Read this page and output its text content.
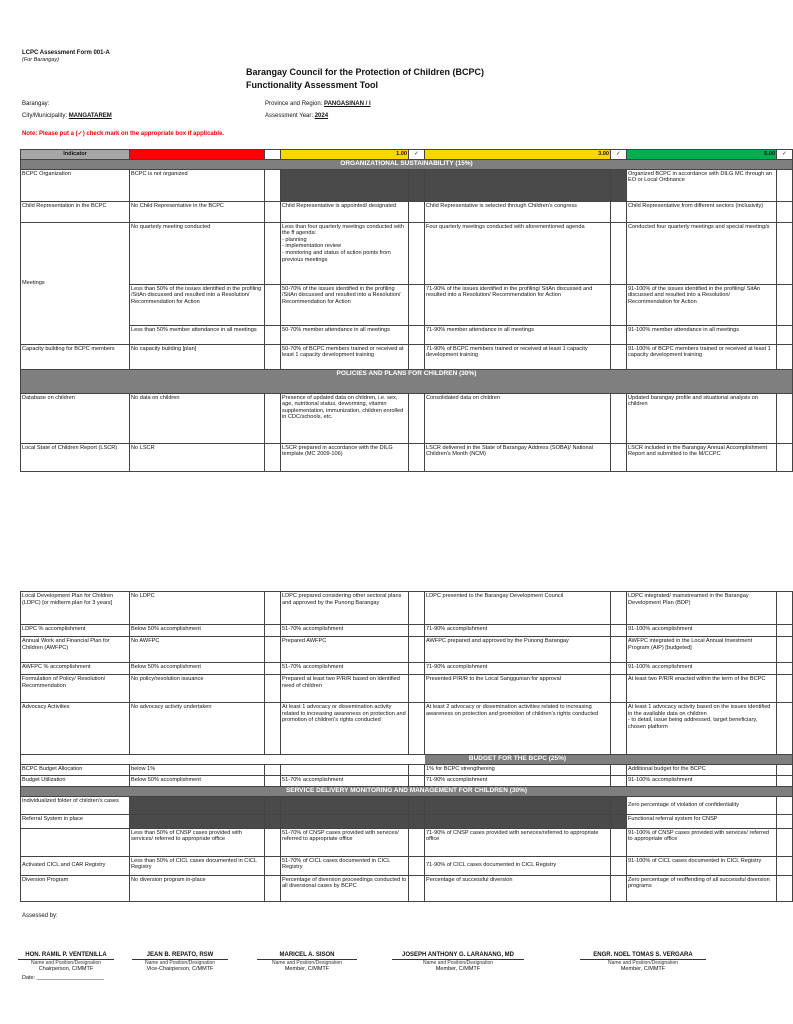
LCPC Assessment Form 001-A
(For Barangay)
Barangay Council for the Protection of Children (BCPC)
Functionality Assessment Tool
Barangay:
City/Municipality: MANGATAREM
Province and Region: PANGASINAN / I
Assessment Year: 2024
Note: Please put a (✓) check mark on the appropriate box if applicable.
Indicator			1.00	✓	3.00	✓	5.00	✓
ORGANIZATIONAL SUSTAINABILITY (15%)								
BCPC Organization	BCPC is not organized						Organized BCPC in accordance with DILG MC through an EO or Local Ordinance	
Child Representation in the BCPC	No Child Representative in the BCPC		Child Representative is appointed/ designated		Child Representative is selected through Children's congress		Child Representative from different sectors (inclusivity)	
Meetings	No quarterly meeting conducted		Less than four quarterly meetings conducted with the ff agenda:
- planning
- implementation review
- monitoring and status of action points from previous meetings		Four quarterly meetings conducted with aforementioned agenda		Conducted four quarterly meetings and special meeting/s	
	Less than 50% of the issues identified in the profiling /SitAn discussed and resulted into a Resolution/ Recommendation for Action		50-70% of the issues identified in the profiling /SitAn discussed and resulted into a Resolution/ Recommendation for Action		71-90% of the issues identified in the profiling/ SitAn discussed and resulted into a Resolution/ Recommendation for Action		91-100% of the issues identified in the profiling/ SitAn discussed and resulted into a Resolution/ Recommendation for Action	
	Less than 50% member attendance in all meetings		50-70% member attendance in all meetings		71-90% member attendance in all meetings		91-100% member attendance in all meetings	
Capacity building for BCPC members	No capacity building [plan]		50-70% of BCPC members trained or received at least 1 capacity development training		71-90% of BCPC members trained or received at least 1 capacity development training		91-100% of BCPC members trained or received at least 1 capacity development training	
POLICIES AND PLANS FOR CHILDREN (30%)								
Database on children	No data on children		Presence of updated data on children, i.e. sex, age, nutritional status, deworming, vitamin supplementation, immunization, children enrolled in CDC/schools, etc.		Consolidated data on children		Updated barangay profile and situational analysis on children	
Local State of Children Report (LSCR)	No LSCR		LSCR prepared in accordance with the DILG template (MC 2009-106)		LSCR delivered in the State of Barangay Address (SOBA)/ National Children's Month (NCM)		LSCR included in the Barangay Annual Accomplishment Report and submitted to the M/CCPC	
Local Development Plan for Children (LDPC) [or midterm plan for 3 years]	No LDPC		LDPC prepared considering other sectoral plans and approved by the Punong Barangay		LDPC presented to the Barangay Development Council		LDPC integrated/ mainstreamed in the Barangay Development Plan (BDP)	
LDPC % accomplishment	Below 50% accomplishment		51-70% accomplishment		71-90% accomplishment		91-100% accomplishment	
Annual Work and Financial Plan for Children (AWFPC)	No AWFPC		Prepared AWFPC		AWFPC prepared and approved by the Punong Barangay		AWFPC integrated in the Local Annual Investment Program (AIP) [budgeted]	
AWFPC % accomplishment	Below 50% accomplishment		51-70% accomplishment		71-90% accomplishment		91-100% accomplishment	
Formulation of Policy/ Resolution/ Recommendation	No policy/resolution issuance		Prepared at least two P/R/R based on identified need of children		Presented P/R/R to the Local Sanggunian for approval		At least two P/R/R enacted within the term of the BCPC	
Advocacy Activities	No advocacy activity undertaken		At least 1 advocacy or dissemination activity related to increasing awareness on protection and promotion of children's rights conducted		At least 2 advocacy or dissemination activities related to increasing awareness on protection and promotion of children's rights conducted		At least 1 advocacy activity based on the issues identified in the available data on children
- to detail, issue being addressed, target beneficiary, chosen platform	
					BUDGET FOR THE BCPC (25%)			
BCPC Budget Allocation	below 1%				1% for BCPC strengthening		Additional budget for the BCPC	
Budget Utilization	Below 50% accomplishment		51-70% accomplishment		71-90% accomplishment		91-100% accomplishment	
SERVICE DELIVERY MONITORING AND MANAGEMENT FOR CHILDREN (30%)								
Individualized folder of children's cases							Zero percentage of violation of confidentiality	
Referral System in place							Functional referral system for CNSP	
	Less than 50% of CNSP cases provided with services/ referred to appropriate office		51-70% of CNSP cases provided with services/ referred to appropriate office		71-90% of CNSP cases provided with services/referred to appropriate office		91-100% of CNSP cases provided with services/ referred to appropriate office	
Activated CICL and CAR Registry	Less than 50% of CICL cases documented in CICL Registry		51-70% of CICL cases documented in CICL Registry		71-90% of CICL cases documented in CICL Registry		91-100% of CICL cases documented in CICL Registry	
Diversion Program	No diversion program in-place		Percentage of diversion proceedings conducted to all diversional cases by BCPC		Percentage of successful diversion		Zero percentage of reoffending of all successful diversion programs	
Assessed by:
HON. RAMIL P. VENTENILLA
Name and Position/Designation
Chairperson, C/MMTF
JEAN B. REPATO, RSW
Name and Position/Designation
Vice-Chairperson, C/MMTF
MARICEL A. SISON
Name and Position/Designation
Member, C/MMTF
JOSEPH ANTHONY G. LARANANG, MD
Name and Position/Designation
Member, C/MMTF
ENGR. NOEL TOMAS S. VERGARA
Name and Position/Designation
Member, C/MMTF
Date: ______________________
